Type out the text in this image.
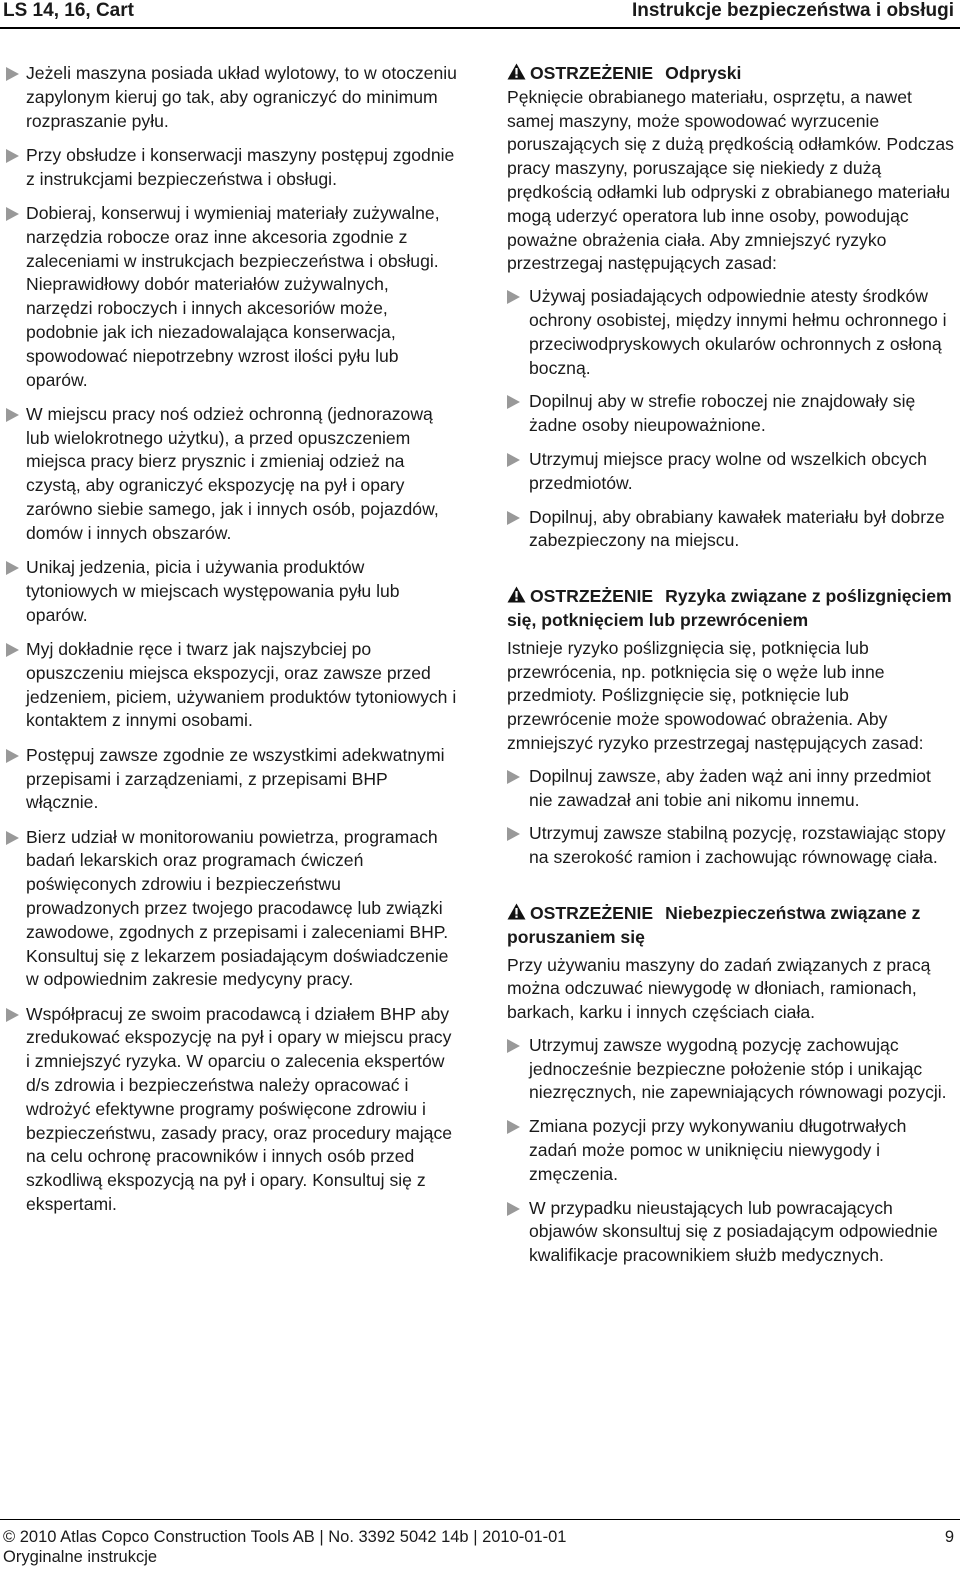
LS 14, 16, Cart	Instrukcje bezpieczeństwa i obsługi
Jeżeli maszyna posiada układ wylotowy, to w otoczeniu zapylonym kieruj go tak, aby ograniczyć do minimum rozpraszanie pyłu.
Przy obsłudze i konserwacji maszyny postępuj zgodnie z instrukcjami bezpieczeństwa i obsługi.
Dobieraj, konserwuj i wymieniaj materiały zużywalne, narzędzia robocze oraz inne akcesoria zgodnie z zaleceniami w instrukcjach bezpieczeństwa i obsługi. Nieprawidłowy dobór materiałów zużywalnych, narzędzi roboczych i innych akcesoriów może, podobnie jak ich niezadowalająca konserwacja, spowodować niepotrzebny wzrost ilości pyłu lub oparów.
W miejscu pracy noś odzież ochronną (jednorazową lub wielokrotnego użytku), a przed opuszczeniem miejsca pracy bierz prysznic i zmieniaj odzież na czystą, aby ograniczyć ekspozycję na pył i opary zarówno siebie samego, jak i innych osób, pojazdów, domów i innych obszarów.
Unikaj jedzenia, picia i używania produktów tytoniowych w miejscach występowania pyłu lub oparów.
Myj dokładnie ręce i twarz jak najszybciej po opuszczeniu miejsca ekspozycji, oraz zawsze przed jedzeniem, piciem, używaniem produktów tytoniowych i kontaktem z innymi osobami.
Postępuj zawsze zgodnie ze wszystkimi adekwatnymi przepisami i zarządzeniami, z przepisami BHP włącznie.
Bierz udział w monitorowaniu powietrza, programach badań lekarskich oraz programach ćwiczeń poświęconych zdrowiu i bezpieczeństwu prowadzonych przez twojego pracodawcę lub związki zawodowe, zgodnych z przepisami i zaleceniami BHP. Konsultuj się z lekarzem posiadającym doświadczenie w odpowiednim zakresie medycyny pracy.
Współpracuj ze swoim pracodawcą i działem BHP aby zredukować ekspozycję na pył i opary w miejscu pracy i zmniejszyć ryzyka. W oparciu o zalecenia ekspertów d/s zdrowia i bezpieczeństwa należy opracować i wdrożyć efektywne programy poświęcone zdrowiu i bezpieczeństwu, zasady pracy, oraz procedury mające na celu ochronę pracowników i innych osób przed szkodliwą ekspozycją na pył i opary. Konsultuj się z ekspertami.

OSTRZEŻENIE Odpryski

Pęknięcie obrabianego materiału, osprzętu, a nawet samej maszyny, może spowodować wyrzucenie poruszających się z dużą prędkością odłamków. Podczas pracy maszyny, poruszające się niekiedy z dużą prędkością odłamki lub odpryski z obrabianego materiału mogą uderzyć operatora lub inne osoby, powodując poważne obrażenia ciała. Aby zmniejszyć ryzyko przestrzegaj następujących zasad:

Używaj posiadających odpowiednie atesty środków ochrony osobistej, między innymi hełmu ochronnego i przeciwodpryskowych okularów ochronnych z osłoną boczną.
Dopilnuj aby w strefie roboczej nie znajdowały się żadne osoby nieupoważnione.
Utrzymuj miejsce pracy wolne od wszelkich obcych przedmiotów.
Dopilnuj, aby obrabiany kawałek materiału był dobrze zabezpieczony na miejscu.

OSTRZEŻENIE Ryzyka związane z poślizgnięciem się, potknięciem lub przewróceniem

Istnieje ryzyko poślizgnięcia się, potknięcia lub przewrócenia, np. potknięcia się o węże lub inne przedmioty. Poślizgnięcie się, potknięcie lub przewrócenie może spowodować obrażenia. Aby zmniejszyć ryzyko przestrzegaj następujących zasad:

Dopilnuj zawsze, aby żaden wąż ani inny przedmiot nie zawadzał ani tobie ani nikomu innemu.
Utrzymuj zawsze stabilną pozycję, rozstawiając stopy na szerokość ramion i zachowując równowagę ciała.

OSTRZEŻENIE Niebezpieczeństwa związane z poruszaniem się

Przy używaniu maszyny do zadań związanych z pracą można odczuwać niewygodę w dłoniach, ramionach, barkach, karku i innych częściach ciała.

Utrzymuj zawsze wygodną pozycję zachowując jednocześnie bezpieczne położenie stóp i unikając niezręcznych, nie zapewniających równowagi pozycji.
Zmiana pozycji przy wykonywaniu długotrwałych zadań może pomoc w uniknięciu niewygody i zmęczenia.
W przypadku nieustających lub powracających objawów skonsultuj się z posiadającym odpowiednie kwalifikacje pracownikiem służb medycznych.
© 2010 Atlas Copco Construction Tools AB | No. 3392 5042 14b | 2010-01-01
Oryginalne instrukcje
9
